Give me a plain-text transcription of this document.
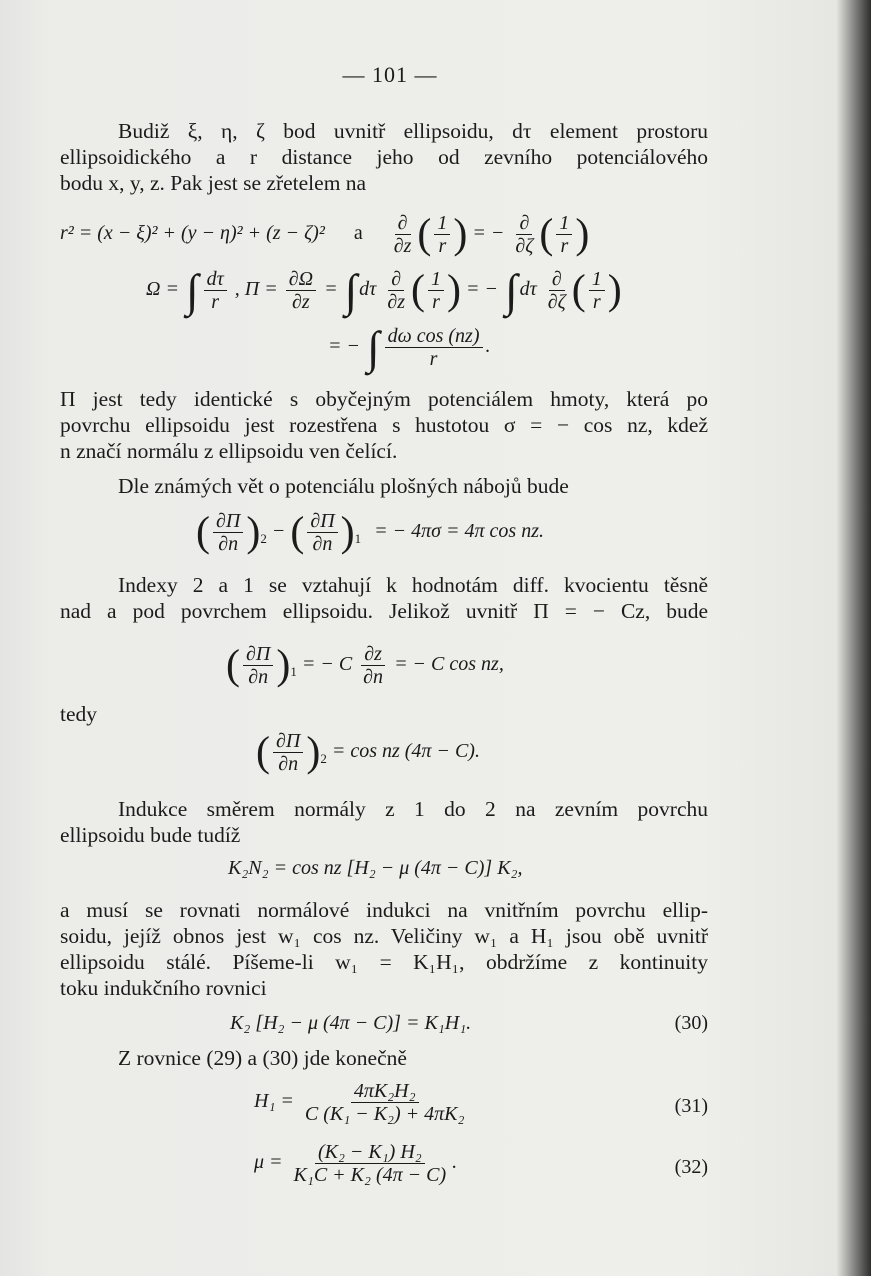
— 101 —
Budiž ξ, η, ζ bod uvnitř ellipsoidu, dτ element prostoru
ellipsoidického a r distance jeho od zevního potenciálového
bodu x, y, z. Pak jest se zřetelem na
r² = (x − ξ)² + (y − η)² + (z − ζ)² a $\frac{\partial}{\partial z}$ ( $\frac{1}{r}$ ) = − $\frac{\partial}{\partial\zeta}$ ( $\frac{1}{r}$ )
Ω = ∫ $\frac{d\tau}{r}$ , $\Pi = \frac{\partial\Omega}{\partial z}$ = ∫ dτ $\frac{\partial}{\partial z}$ ( $\frac{1}{r}$ ) = − ∫ dτ $\frac{\partial}{\partial\zeta}$ ( $\frac{1}{r}$ )
= − ∫ $\frac{\text{dω cos (nz)}}{r}$ .
Π jest tedy identické s obyčejným potenciálem hmoty, která po
povrchu ellipsoidu jest rozestřena s hustotou σ = − cos nz, kdež
n značí normálu z ellipsoidu ven čelící.
Dle známých vět o potenciálu plošných nábojů bude
( $\frac{\partial\Pi}{\partial n} )_2$ − ( $\frac{\partial\Pi}{\partial n} )_1$ = − 4πσ = 4π cos nz.
Indexy 2 a 1 se vztahují k hodnotám diff. kvocientu těsně
nad a pod povrchem ellipsoidu. Jelikož uvnitř Π = − Cz, bude
( $\frac{\partial\Pi}{\partial n} )_1$ = − C $\frac{\partial z}{\partial n}$ = − C cos nz,
tedy
( $\frac{\partial\Pi}{\partial n} )_2 = \cos$ nz (4π − C).
Indukce směrem normály z 1 do 2 na zevním povrchu
ellipsoidu bude tudíž
K₂N₂ = cos nz [H₂ − μ (4π − C)] K₂,
a musí se rovnati normálové indukci na vnitřním povrchu ellip-
soidu, jejíž obnos jest w₁ cos nz. Veličiny w₁ a H₁ jsou obě uvnitř
ellipsoidu stálé. Píšeme-li w₁ = K₁H₁, obdržíme z kontinuity
toku indukčního rovnici
K₂ [H₂ − μ (4π − C)] = K₁H₁.	(30)
Z rovnice (29) a (30) jde konečně
$H_1 = \frac{\text{4πK₂H₂}}{\text{C (K₁ − K₂) + 4πK₂}}$	(31)
$\mu = \frac{\text{(K₂ − K₁) H₂}}{\text{K₁C + K₂ (4π − C)}}$ .	(32)
